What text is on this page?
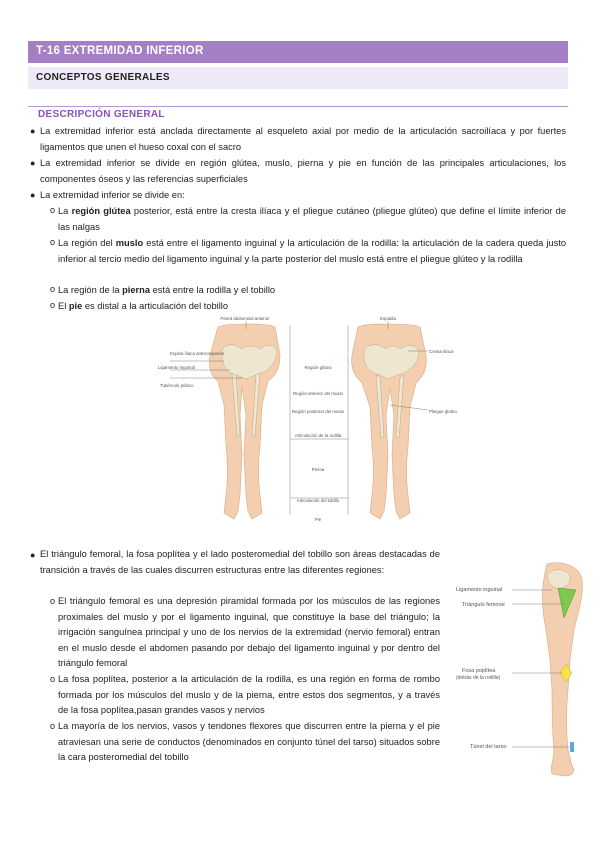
T-16 EXTREMIDAD INFERIOR
CONCEPTOS GENERALES
DESCRIPCIÓN GENERAL
● La extremidad inferior está anclada directamente al esqueleto axial por medio de la articulación sacroilíaca y por fuertes ligamentos que unen el hueso coxal con el sacro
● La extremidad inferior se divide en región glútea, muslo, pierna y pie en función de las principales articulaciones, los componentes óseos y las referencias superficiales
● La extremidad inferior se divide en:
o La región glútea posterior, está entre la cresta ilíaca y el pliegue cutáneo (pliegue glúteo) que define el límite inferior de las nalgas
o La región del muslo está entre el ligamento inguinal y la articulación de la rodilla: la articulación de la cadera queda justo inferior al tercio medio del ligamento inguinal y la parte posterior del muslo está entre el pliegue glúteo y la rodilla
o La región de la pierna está entre la rodilla y el tobillo
o El pie es distal a la articulación del tobillo
Pared abdominal anterior	Espalda
Espina ilíaca anterosuperior
Ligamento inguinal
Tubérculo púbico
Cresta ilíaca
Región glútea
Región anterior del muslo
Región posterior del muslo	Pliegue glúteo
Articulación de la rodilla
Pierna
Articulación del tobillo
Pie
● El triángulo femoral, la fosa poplítea y el lado posteromedial del tobillo son áreas destacadas de transición a través de las cuales discurren estructuras entre las diferentes regiones:
o El triángulo femoral es una depresión piramidal formada por los músculos de las regiones proximales del muslo y por el ligamento inguinal, que constituye la base del triángulo; la irrigación sanguínea principal y uno de los nervios de la extremidad (nervio femoral) entran en el muslo desde el abdomen pasando por debajo del ligamento inguinal y por dentro del triángulo femoral
o La fosa poplítea, posterior a la articulación de la rodilla, es una región en forma de rombo formada por los músculos del muslo y de la pierna, entre estos dos segmentos, y a través de la fosa poplítea,pasan grandes vasos y nervios
o La mayoría de los nervios, vasos y tendones flexores que discurren entre la pierna y el pie atraviesan una serie de conductos (denominados en conjunto túnel del tarso) situados sobre la cara posteromedial del tobillo
Ligamento inguinal
Triángulo femoral
Fosa poplítea
(detrás de la rodilla)
Túnel del tarso
